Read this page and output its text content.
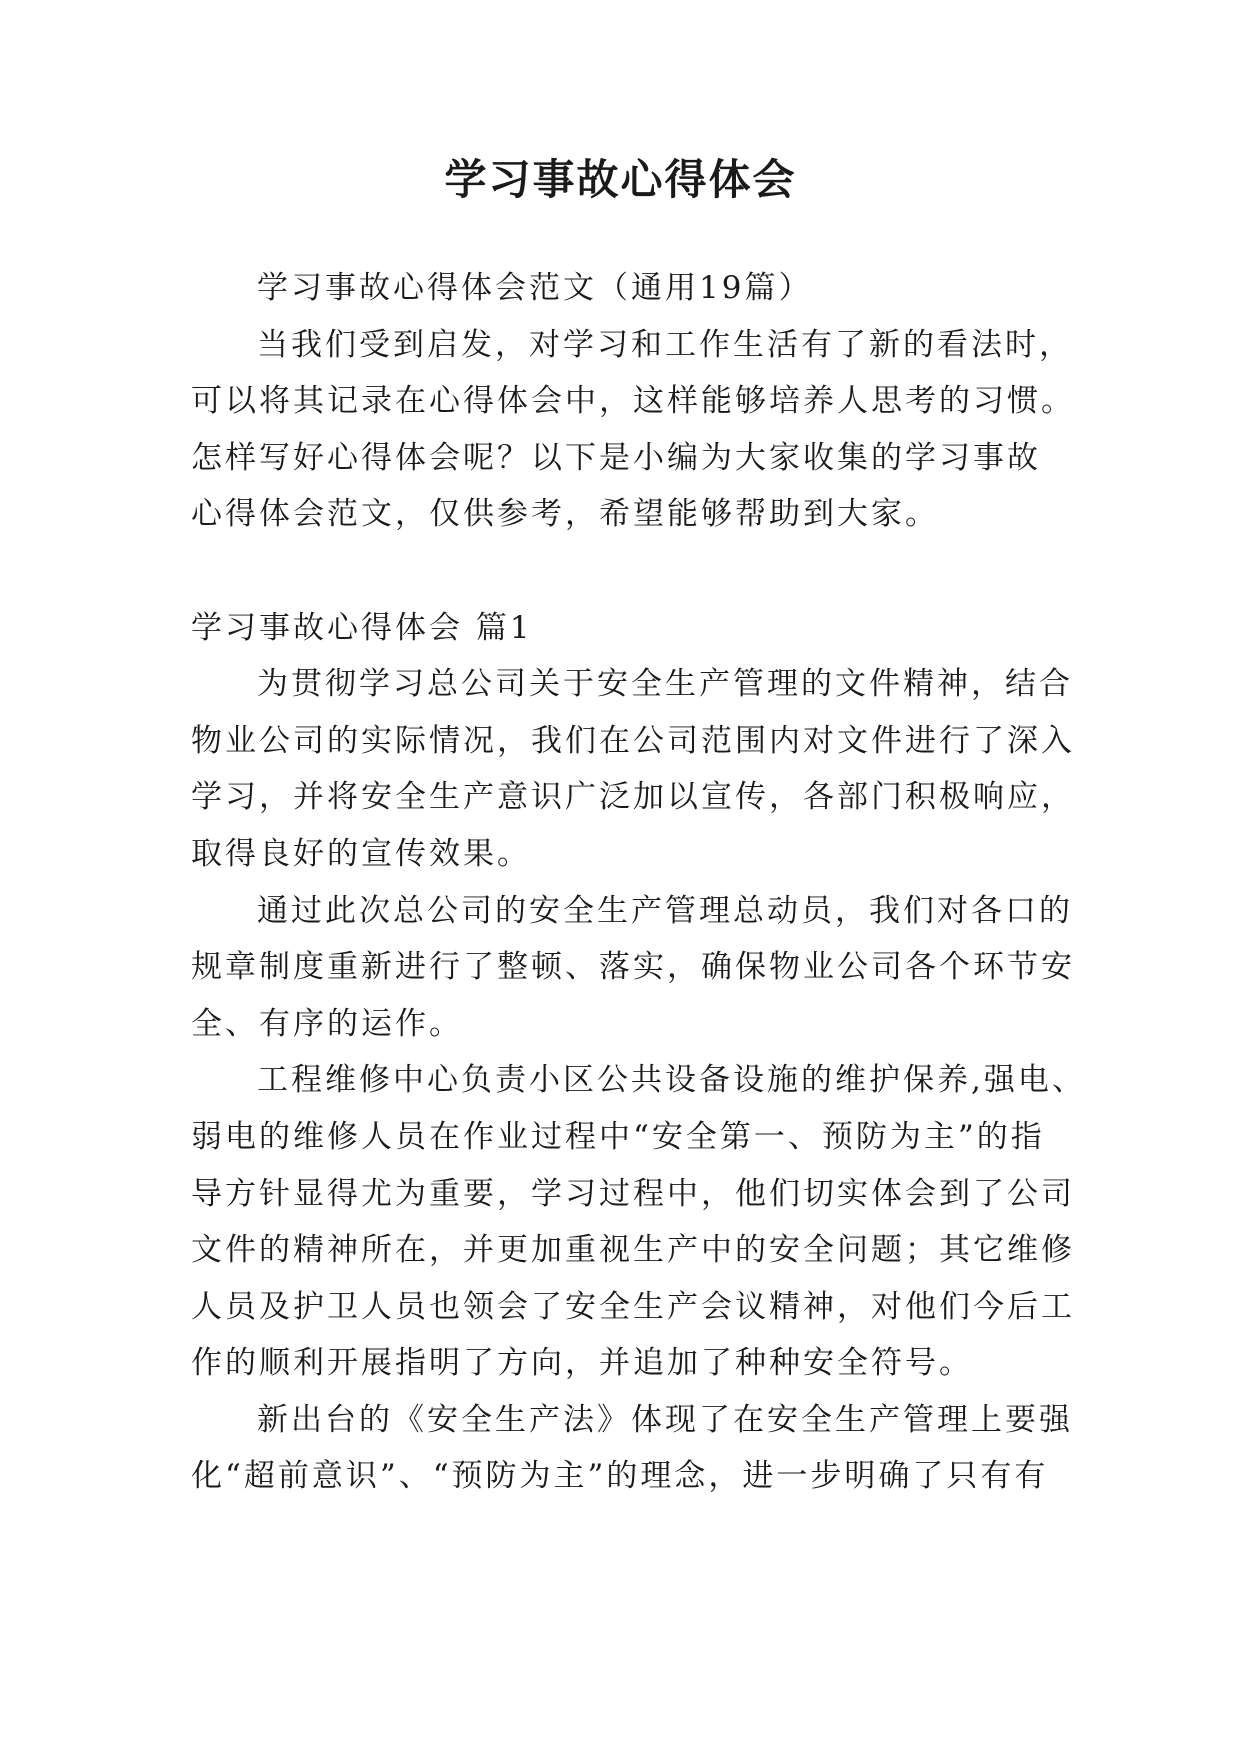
学习事故心得体会
学习事故心得体会范文（通用19篇）
当我们受到启发，对学习和工作生活有了新的看法时，
可以将其记录在心得体会中，这样能够培养人思考的习惯。
怎样写好心得体会呢？以下是小编为大家收集的学习事故
心得体会范文，仅供参考，希望能够帮助到大家。
学习事故心得体会 篇1
为贯彻学习总公司关于安全生产管理的文件精神，结合
物业公司的实际情况，我们在公司范围内对文件进行了深入
学习，并将安全生产意识广泛加以宣传，各部门积极响应，
取得良好的宣传效果。
通过此次总公司的安全生产管理总动员，我们对各口的
规章制度重新进行了整顿、落实，确保物业公司各个环节安
全、有序的运作。
工程维修中心负责小区公共设备设施的维护保养,强电、
弱电的维修人员在作业过程中“安全第一、预防为主”的指
导方针显得尤为重要，学习过程中，他们切实体会到了公司
文件的精神所在，并更加重视生产中的安全问题；其它维修
人员及护卫人员也领会了安全生产会议精神，对他们今后工
作的顺利开展指明了方向，并追加了种种安全符号。
新出台的《安全生产法》体现了在安全生产管理上要强
化“超前意识”、“预防为主”的理念，进一步明确了只有有
